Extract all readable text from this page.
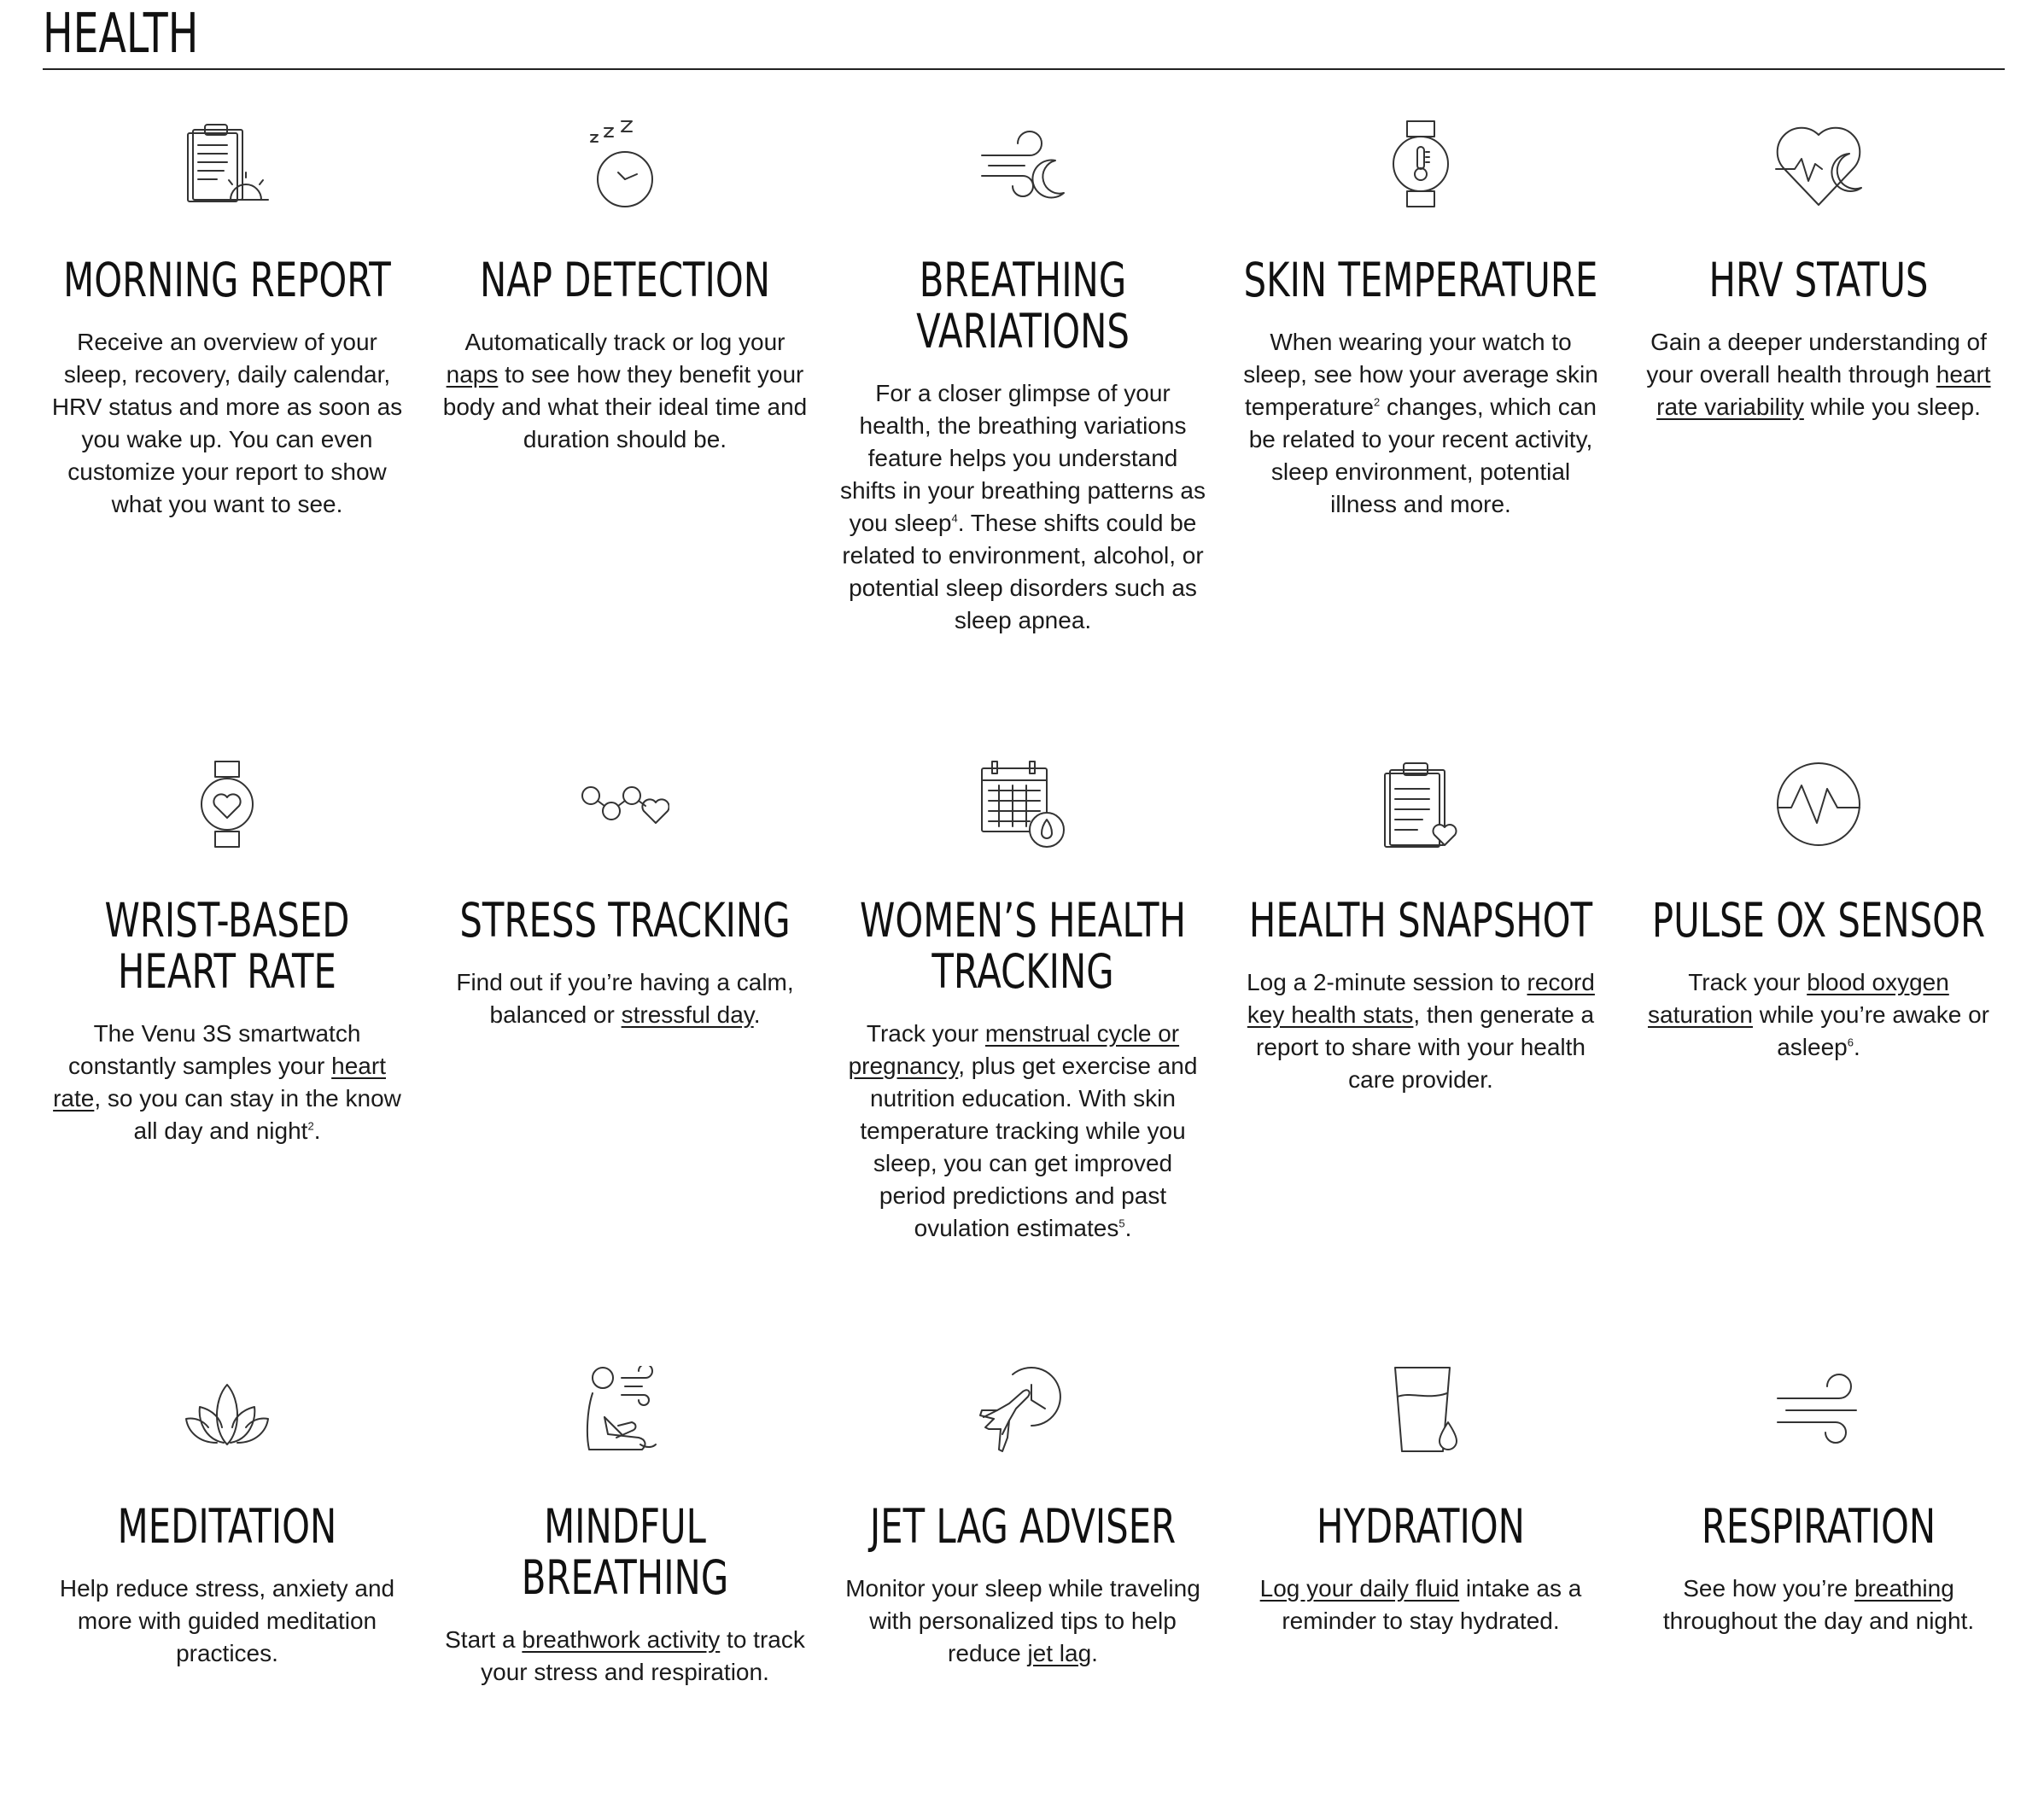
HEALTH
MORNING REPORT

Receive an overview of your sleep, recovery, daily calendar, HRV status and more as soon as you wake up. You can even customize your report to show what you want to see.

NAP DETECTION

Automatically track or log your naps to see how they benefit your body and what their ideal time and duration should be.

BREATHING VARIATIONS

For a closer glimpse of your health, the breathing variations feature helps you understand shifts in your breathing patterns as you sleep$^4$. These shifts could be related to environment, alcohol, or potential sleep disorders such as sleep apnea.

SKIN TEMPERATURE

When wearing your watch to sleep, see how your average skin temperature$^2$ changes, which can be related to your recent activity, sleep environment, potential illness and more.

HRV STATUS

Gain a deeper understanding of your overall health through heart rate variability while you sleep.

WRIST-BASED HEART RATE

The Venu 3S smartwatch constantly samples your heart rate, so you can stay in the know all day and night$^2$.

STRESS TRACKING

Find out if you’re having a calm, balanced or stressful day.

WOMEN’S HEALTH TRACKING

Track your menstrual cycle or pregnancy, plus get exercise and nutrition education. With skin temperature tracking while you sleep, you can get improved period predictions and past ovulation estimates$^5$.

HEALTH SNAPSHOT

Log a 2-minute session to record key health stats, then generate a report to share with your health care provider.

PULSE OX SENSOR

Track your blood oxygen saturation while you’re awake or asleep$^6$.

MEDITATION

Help reduce stress, anxiety and more with guided meditation practices.

MINDFUL BREATHING

Start a breathwork activity to track your stress and respiration.

JET LAG ADVISER

Monitor your sleep while traveling with personalized tips to help reduce jet lag.

HYDRATION

Log your daily fluid intake as a reminder to stay hydrated.

RESPIRATION

See how you’re breathing throughout the day and night.
